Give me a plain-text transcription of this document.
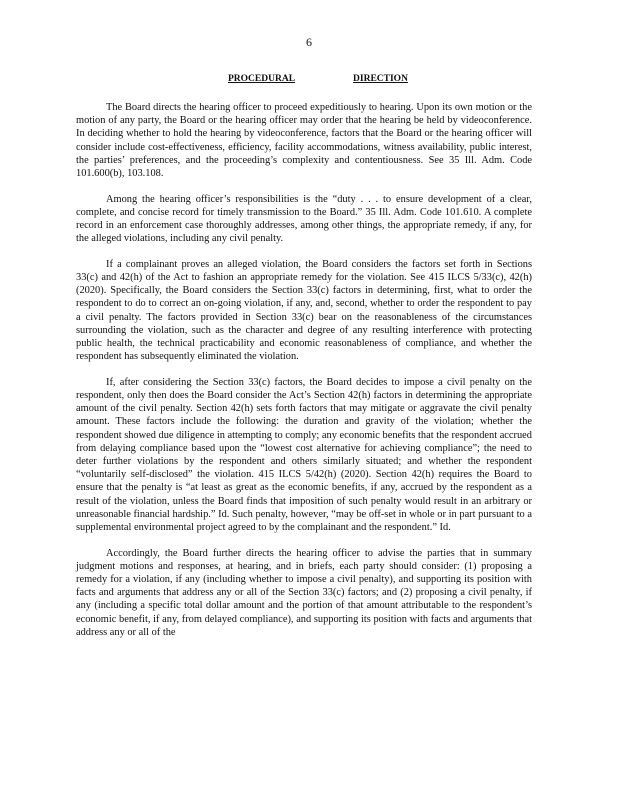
6
PROCEDURAL	DIRECTION

The Board directs the hearing officer to proceed expeditiously to hearing. Upon its own motion or the motion of any party, the Board or the hearing officer may order that the hearing be held by videoconference. In deciding whether to hold the hearing by videoconference, factors that the Board or the hearing officer will consider include cost-effectiveness, efficiency, facility accommodations, witness availability, public interest, the parties’ preferences, and the proceeding’s complexity and contentiousness. See 35 Ill. Adm. Code 101.600(b), 103.108.

Among the hearing officer’s responsibilities is the “duty . . . to ensure development of a clear, complete, and concise record for timely transmission to the Board.” 35 Ill. Adm. Code 101.610. A complete record in an enforcement case thoroughly addresses, among other things, the appropriate remedy, if any, for the alleged violations, including any civil penalty.

If a complainant proves an alleged violation, the Board considers the factors set forth in Sections 33(c) and 42(h) of the Act to fashion an appropriate remedy for the violation. See 415 ILCS 5/33(c), 42(h) (2020). Specifically, the Board considers the Section 33(c) factors in determining, first, what to order the respondent to do to correct an on-going violation, if any, and, second, whether to order the respondent to pay a civil penalty. The factors provided in Section 33(c) bear on the reasonableness of the circumstances surrounding the violation, such as the character and degree of any resulting interference with protecting public health, the technical practicability and economic reasonableness of compliance, and whether the respondent has subsequently eliminated the violation.

If, after considering the Section 33(c) factors, the Board decides to impose a civil penalty on the respondent, only then does the Board consider the Act’s Section 42(h) factors in determining the appropriate amount of the civil penalty. Section 42(h) sets forth factors that may mitigate or aggravate the civil penalty amount. These factors include the following: the duration and gravity of the violation; whether the respondent showed due diligence in attempting to comply; any economic benefits that the respondent accrued from delaying compliance based upon the “lowest cost alternative for achieving compliance”; the need to deter further violations by the respondent and others similarly situated; and whether the respondent “voluntarily self-disclosed” the violation. 415 ILCS 5/42(h) (2020). Section 42(h) requires the Board to ensure that the penalty is “at least as great as the economic benefits, if any, accrued by the respondent as a result of the violation, unless the Board finds that imposition of such penalty would result in an arbitrary or unreasonable financial hardship.” Id. Such penalty, however, “may be off-set in whole or in part pursuant to a supplemental environmental project agreed to by the complainant and the respondent.” Id.

Accordingly, the Board further directs the hearing officer to advise the parties that in summary judgment motions and responses, at hearing, and in briefs, each party should consider: (1) proposing a remedy for a violation, if any (including whether to impose a civil penalty), and supporting its position with facts and arguments that address any or all of the Section 33(c) factors; and (2) proposing a civil penalty, if any (including a specific total dollar amount and the portion of that amount attributable to the respondent’s economic benefit, if any, from delayed compliance), and supporting its position with facts and arguments that address any or all of the
